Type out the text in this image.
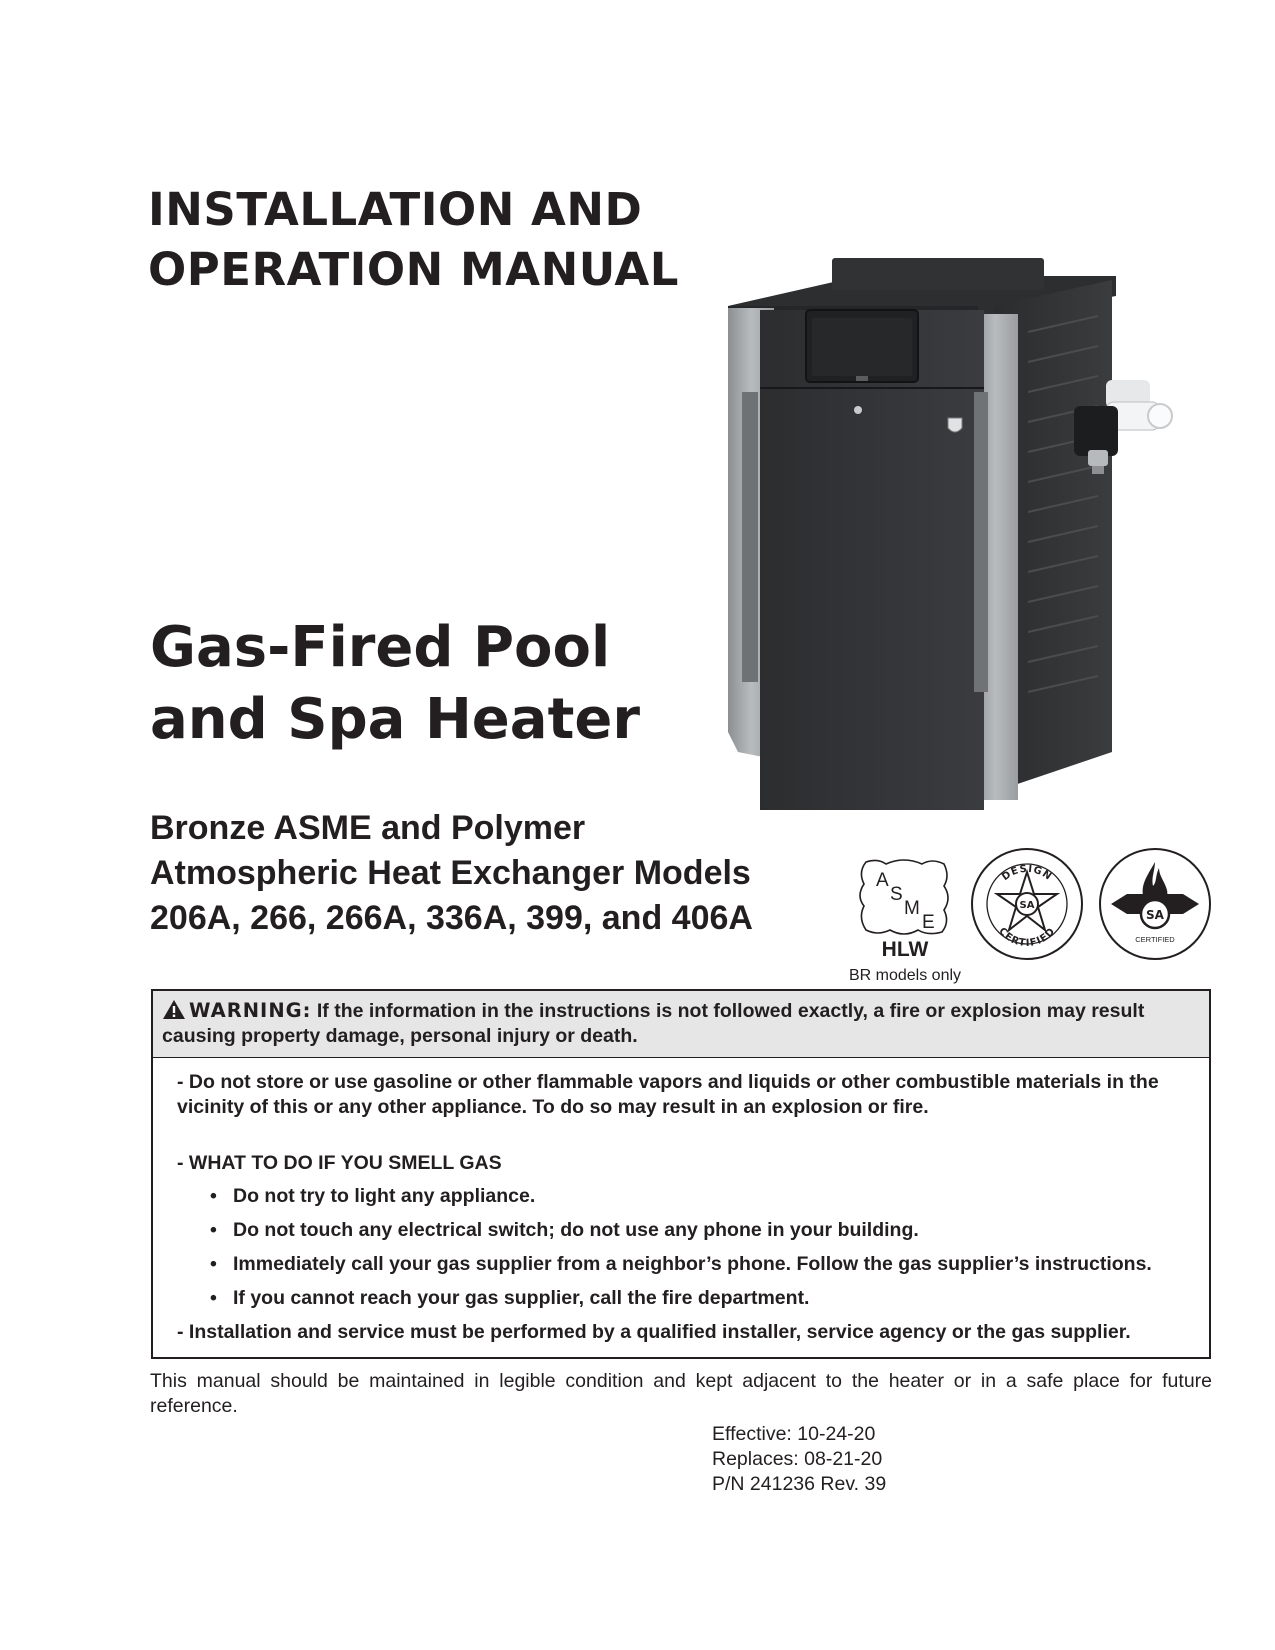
INSTALLATION AND
OPERATION MANUAL
Gas-Fired Pool
and Spa Heater
Bronze ASME and Polymer
Atmospheric Heat Exchanger Models
206A, 266, 266A, 336A, 399, and 406A
A
S
M
E
HLW
BR models only
DESIGN
CERTIFIED
SA
SA
CERTIFIED
WARNING: If the information in the instructions is not followed exactly, a fire or explosion may result causing property damage, personal injury or death.

- Do not store or use gasoline or other flammable vapors and liquids or other combustible materials in the vicinity of this or any other appliance. To do so may result in an explosion or fire.

- WHAT TO DO IF YOU SMELL GAS

• Do not try to light any appliance.
• Do not touch any electrical switch; do not use any phone in your building.
• Immediately call your gas supplier from a neighbor’s phone. Follow the gas supplier’s instructions.
• If you cannot reach your gas supplier, call the fire department.

- Installation and service must be performed by a qualified installer, service agency or the gas supplier.

This manual should be maintained in legible condition and kept adjacent to the heater or in a safe place for future reference.

Effective: 10-24-20
Replaces: 08-21-20
P/N 241236 Rev. 39
